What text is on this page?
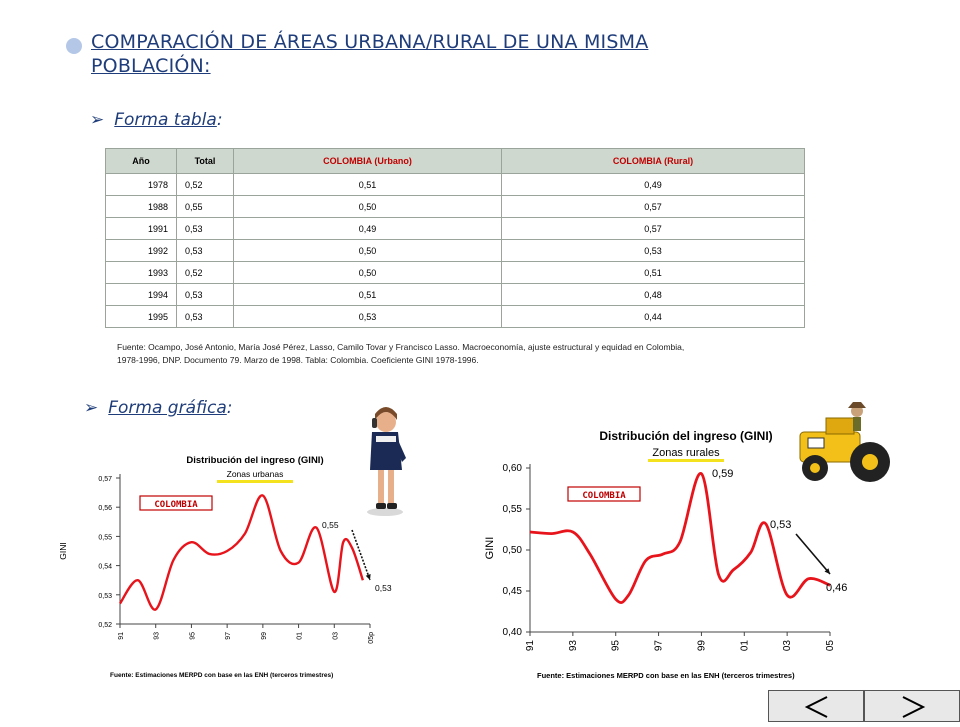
COMPARACIÓN DE ÁREAS URBANA/RURAL DE UNA MISMA
POBLACIÓN:
➢ Forma tabla:
Año	Total	COLOMBIA (Urbano)	COLOMBIA (Rural)
1978	0,52	0,51	0,49
1988	0,55	0,50	0,57
1991	0,53	0,49	0,57
1992	0,53	0,50	0,53
1993	0,52	0,50	0,51
1994	0,53	0,51	0,48
1995	0,53	0,53	0,44
Fuente: Ocampo, José Antonio, María José Pérez, Lasso, Camilo Tovar y Francisco Lasso. Macroeconomía, ajuste estructural y equidad en Colombia,
1978-1996, DNP. Documento 79. Marzo de 1998. Tabla: Colombia. Coeficiente GINI 1978-1996.
➢ Forma gráfica:
Distribución del ingreso (GINI)
Zonas urbanas
COLOMBIA
GINI
0,52
0,53
0,54
0,55
0,56
0,57
91	93	95	97	99	01	03	05p
0,55
0,53
Fuente: Estimaciones MERPD con base en las ENH (terceros trimestres)
Distribución del ingreso (GINI)
Zonas rurales
COLOMBIA
GINI
0,40
0,45
0,50
0,55
0,60
91	93	95	97	99	01	03	05
0,59
0,53
0,46
Fuente: Estimaciones MERPD con base en las ENH (terceros trimestres)
